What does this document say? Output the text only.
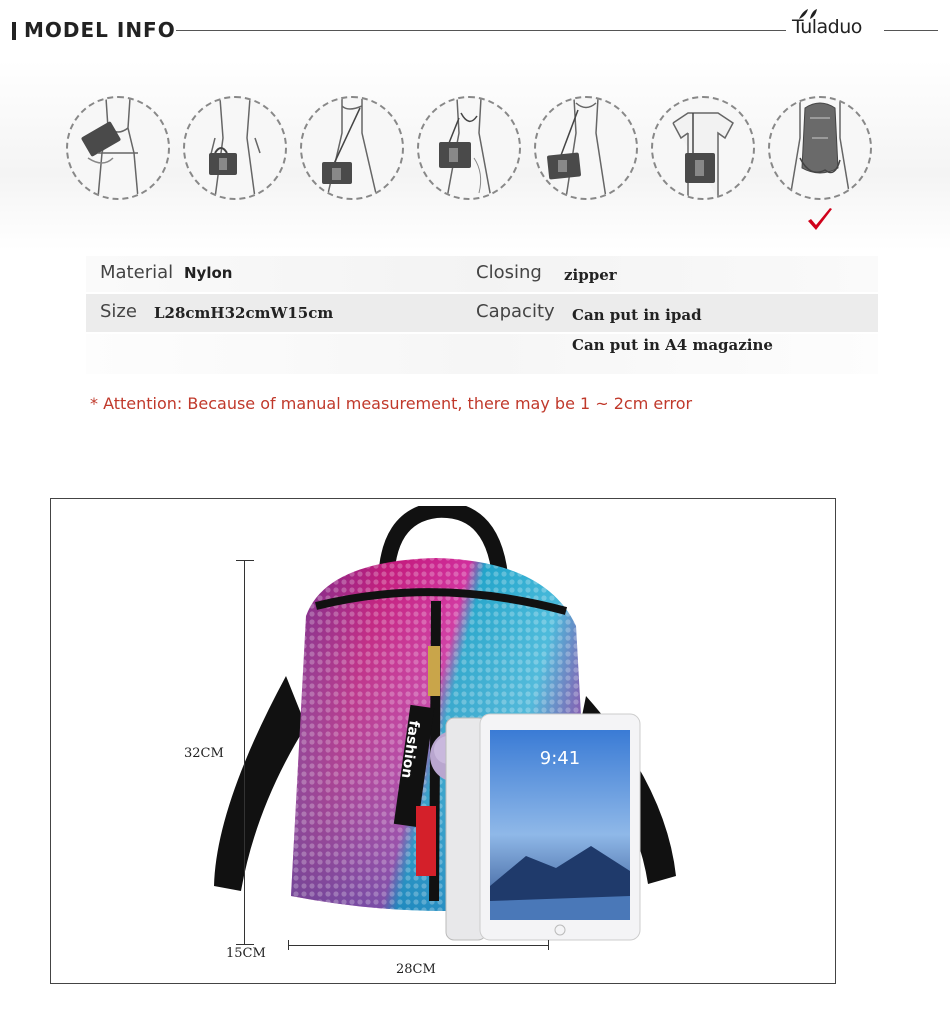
MODEL INFO	Tuladuo
Material Nylon	Closing zipper
Size L28cmH32cmW15cm	Capacity Can put in ipad
Can put in A4 magazine
* Attention: Because of manual measurement, there may be 1 ~ 2cm error
fashion	9:41
32CM
15CM
28CM
